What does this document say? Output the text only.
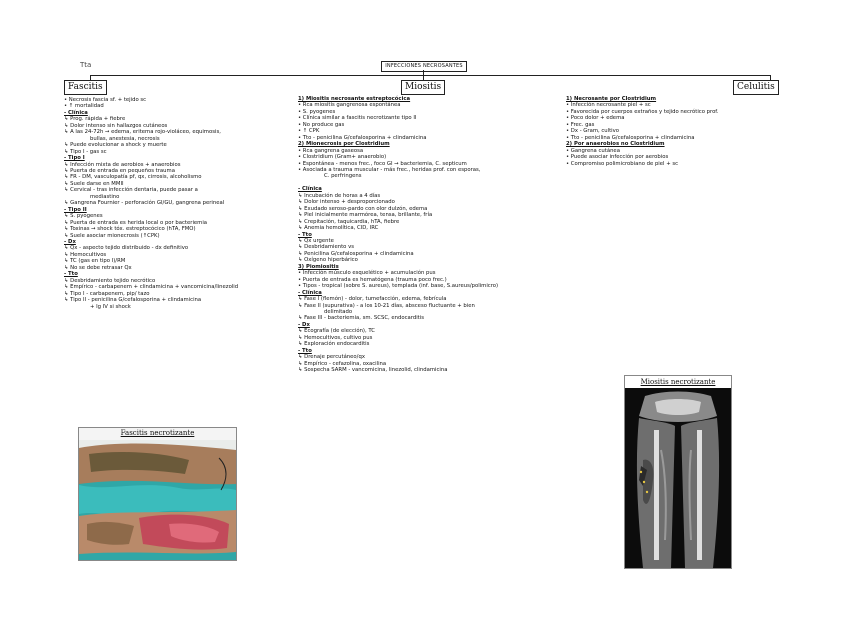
Tta	INFECCIONES NECROSANTES
Fascitis	Miositis	Celulitis
• Necrosis fascia sf. + tejido sc
• ↑ mortalidad
- Clínica
↳ Prog. rápida + fiebre
↳ Dolor intenso sin hallazgos cutáneos
↳ A las 24-72h → edema, eritema rojo-violáceo, equimosis,
bullas, anestesia, necrosis
↳ Puede evolucionar a shock y muerte
↳ Tipo I - gas sc
- Tipo I
↳ Infección mixta de aerobios + anaerobios
↳ Puerta de entrada en pequeños trauma
↳ FR - DM, vasculopatía pf, qx, cirrosis, alcoholismo
↳ Suele darse en MMII
↳ Cervical - tras infección dentaria, puede pasar a
mediastino
↳ Gangrena Fournier - perforación GI/GU, gangrena perineal
- Tipo II
↳ S. pyogenes
↳ Puerta de entrada es herida local o por bacteriemia
↳ Toxinas → shock tóx. estreptocócico (hTA, FMO)
↳ Suele asociar mionecrosis (↑CPK)
- Dx
↳ Qx - aspecto tejido distribuido - dx definitivo
↳ Hemocultivos
↳ TC (gas en tipo I)/RM
↳ No se debe retrasar Qx
- Tto
↳ Desbridamiento tejido necrótico
↳ Empírico - carbapenem + clindamicina + vancomicina/linezolid
↳ Tipo I - carbapenem, pip/ tazo
↳ Tipo II - penicilina G/cefalosporina + clindamicina
+ Ig IV si shock
1) Miositis necrosante estreptocócica
• Rca miositis gangrenosa espontánea
• S. pyogenes
• Clínica similar a fascitis necrotizante tipo II
• No produce gas
• ↑ CPK
• Tto - penicilina G/cefalosporina + clindamicina
2) Mionecrosis por Clostridium
• Rca gangrena gaseosa
• Clostridium (Gram+ anaerobio)
• Espontánea - menos frec., foco GI → bacteriemia, C. septicum
• Asociada a trauma muscular - más frec., heridas prof. con esporas,
C. perfringens

- Clínica
↳ Incubación de horas a 4 días
↳ Dolor intenso + desproporcionado
↳ Exudado seroso-pardo con olor dulzón, edema
↳ Piel inicialmente marmórea, tensa, brillante, fría
↳ Crepitación, taquicardia, hTA, fiebre
↳ Anemia hemolítica, CID, IRC
- Tto
↳ Qx urgente
↳ Desbridamiento vs
↳ Penicilina G/cefalosporina + clindamicina
↳ Oxígeno hiperbárico
3) Piomiositis
• Infección músculo esquelético + acumulación pus
• Puerta de entrada es hematógena (trauma poco frec.)
• Tipos - tropical (sobre S. aureus), templada (inf. base, S.aureus/polimicro)
- Clínica
↳ Fase I (flemón) - dolor, tumefacción, edema, febrícula
↳ Fase II (supurativa) - a los 10-21 días, absceso fluctuante + bien
delimitado
↳ Fase III - bacteriemia, sm. SCSC, endocarditis
- Dx
↳ Ecografía (de elección), TC
↳ Hemocultivos, cultivo pus
↳ Exploración endocarditis
- Tto
↳ Drenaje percutáneo/qx
↳ Empírico - cefazolina, oxacilina
↳ Sospecha SARM - vancomicina, linezolid, clindamicina
1) Necrosante por Clostridium
• Infección necrosante piel + sc
• Favorecida por cuerpos extraños y tejido necrótico prof.
• Poco dolor + edema
• Frec. gas
• Dx - Gram, cultivo
• Tto - penicilina G/cefalosporina + clindamicina
2) Por anaerobios no Clostridium
• Gangrena cutánea
• Puede asociar infección por aerobios
• Compromiso polimicrobiano de piel + sc
Fascitis necrotizante
Miositis necrotizante
